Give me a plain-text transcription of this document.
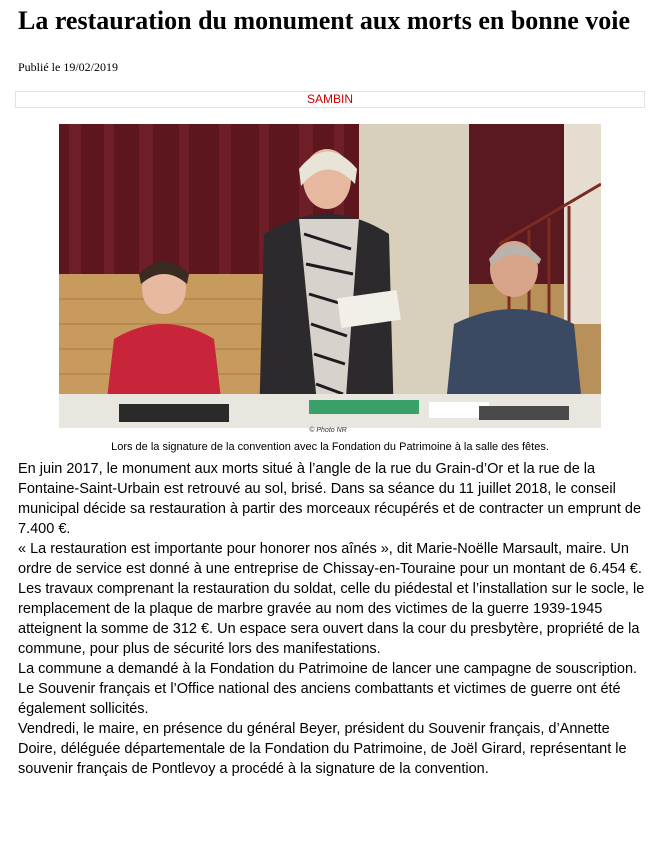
La restauration du monument aux morts en bonne voie
Publié le 19/02/2019
SAMBIN
© Photo NR
Lors de la signature de la convention avec la Fondation du Patrimoine à la salle des fêtes.

En juin 2017, le monument aux morts situé à l’angle de la rue du Grain-d’Or et la rue de la Fontaine-Saint-Urbain est retrouvé au sol, brisé. Dans sa séance du 11 juillet 2018, le conseil municipal décide sa restauration à partir des morceaux récupérés et de contracter un emprunt de 7.400 €.

« La restauration est importante pour honorer nos aînés », dit Marie-Noëlle Marsault, maire. Un ordre de service est donné à une entreprise de Chissay-en-Touraine pour un montant de 6.454 €. Les travaux comprenant la restauration du soldat, celle du piédestal et l’installation sur le socle, le remplacement de la plaque de marbre gravée au nom des victimes de la guerre 1939-1945 atteignent la somme de 312 €. Un espace sera ouvert dans la cour du presbytère, propriété de la commune, pour plus de sécurité lors des manifestations.

La commune a demandé à la Fondation du Patrimoine de lancer une campagne de souscription. Le Souvenir français et l’Office national des anciens combattants et victimes de guerre ont été également sollicités.

Vendredi, le maire, en présence du général Beyer, président du Souvenir français, d’Annette Doire, déléguée départementale de la Fondation du Patrimoine, de Joël Girard, représentant le souvenir français de Pontlevoy a procédé à la signature de la convention.
